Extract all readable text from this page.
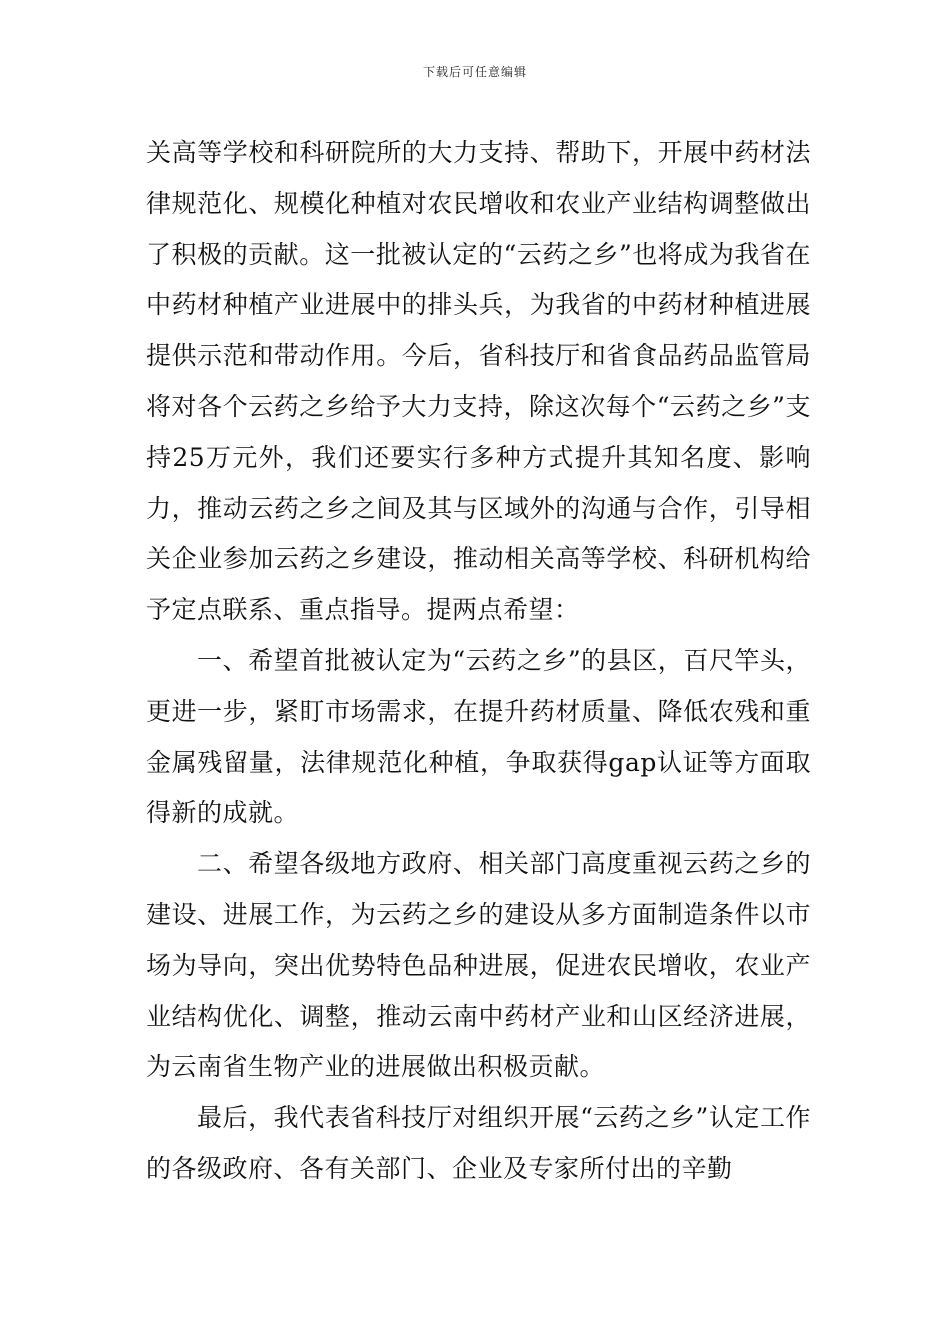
下载后可任意编辑

关高等学校和科研院所的大力支持、帮助下，开展中药材法律规范化、规模化种植对农民增收和农业产业结构调整做出了积极的贡献。这一批被认定的“云药之乡”也将成为我省在中药材种植产业进展中的排头兵，为我省的中药材种植进展提供示范和带动作用。今后，省科技厅和省食品药品监管局将对各个云药之乡给予大力支持，除这次每个“云药之乡”支持25万元外，我们还要实行多种方式提升其知名度、影响力，推动云药之乡之间及其与区域外的沟通与合作，引导相关企业参加云药之乡建设，推动相关高等学校、科研机构给予定点联系、重点指导。提两点希望：

一、希望首批被认定为“云药之乡”的县区，百尺竿头，更进一步，紧盯市场需求，在提升药材质量、降低农残和重金属残留量，法律规范化种植，争取获得gap认证等方面取得新的成就。

二、希望各级地方政府、相关部门高度重视云药之乡的建设、进展工作，为云药之乡的建设从多方面制造条件以市场为导向，突出优势特色品种进展，促进农民增收，农业产业结构优化、调整，推动云南中药材产业和山区经济进展，为云南省生物产业的进展做出积极贡献。

最后，我代表省科技厅对组织开展“云药之乡”认定工作的各级政府、各有关部门、企业及专家所付出的辛勤
